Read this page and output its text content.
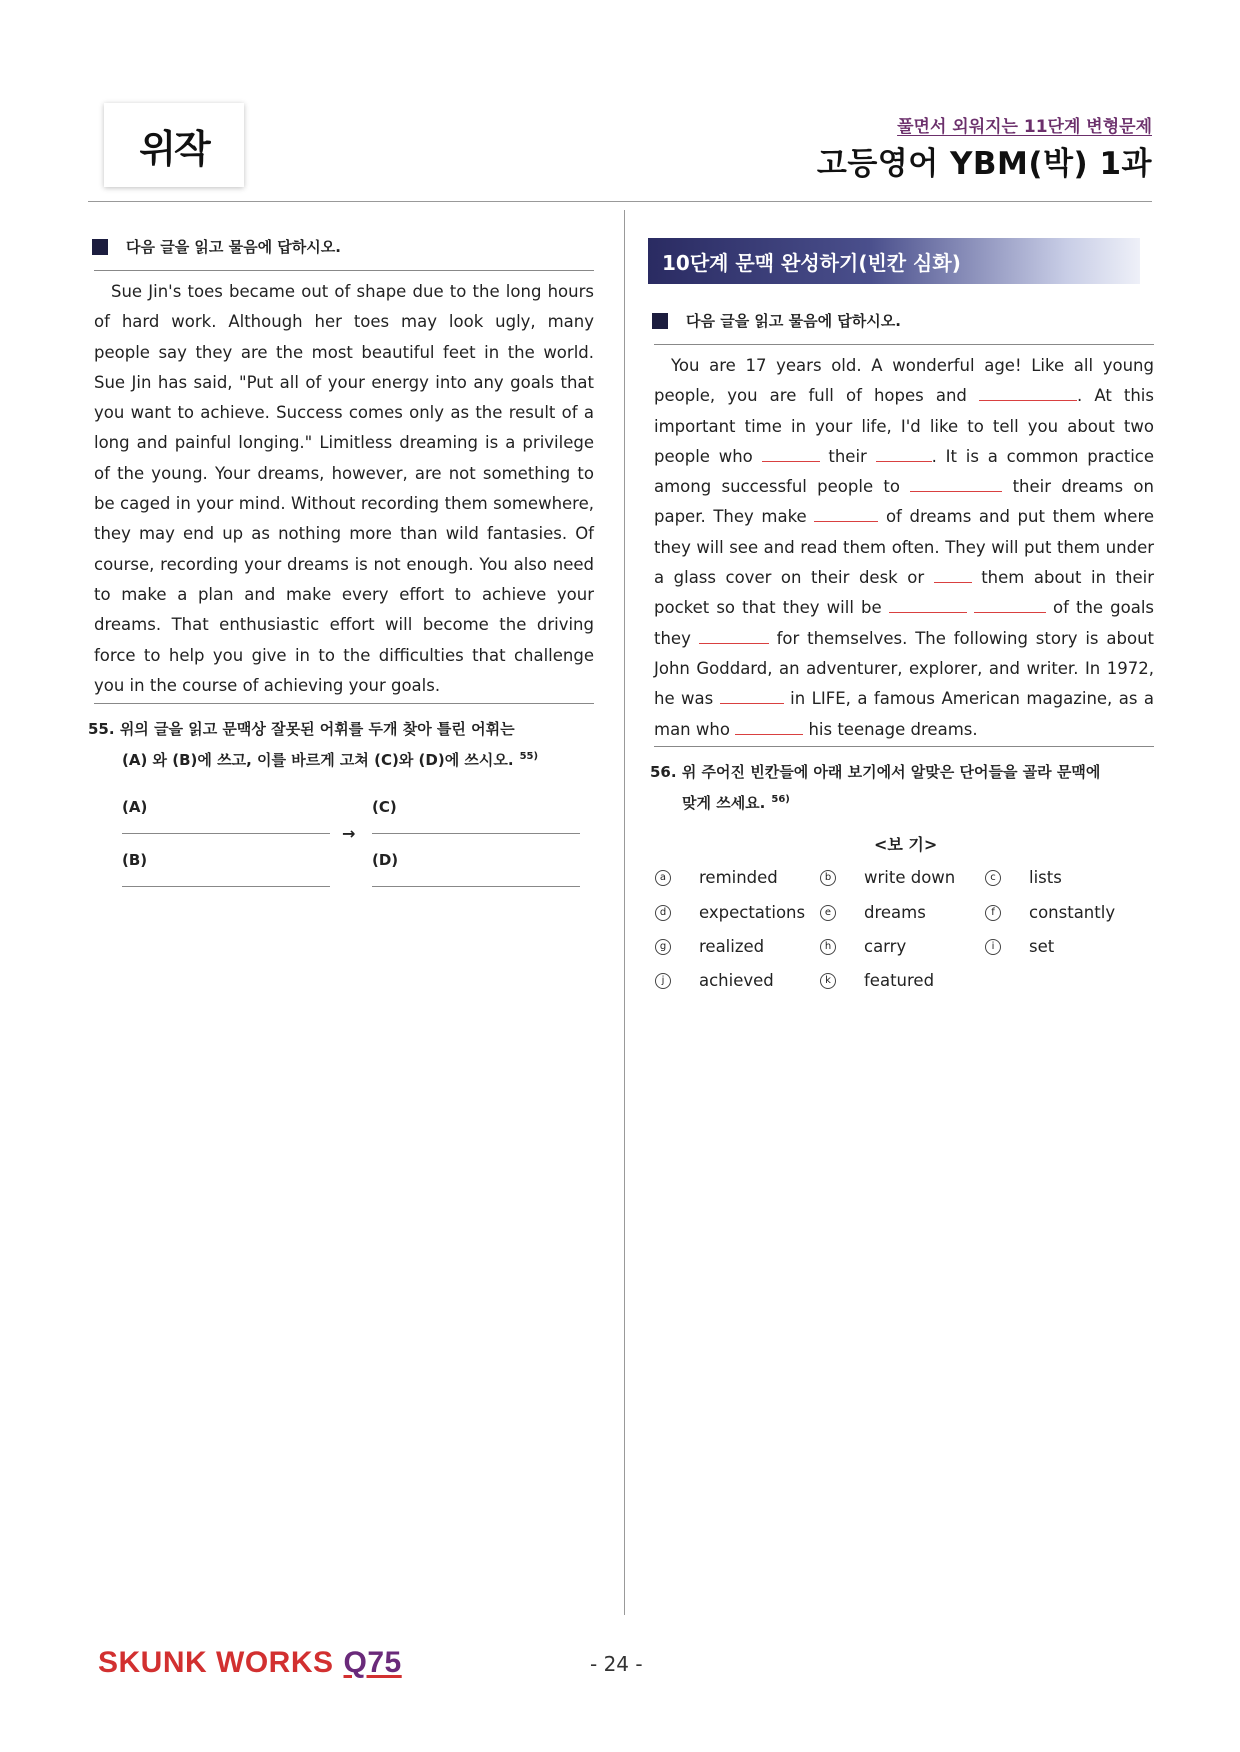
위작	풀면서 외워지는 11단계 변형문제
고등영어 YBM(박) 1과
다음 글을 읽고 물음에 답하시오.

Sue Jin's toes became out of shape due to the long hours of hard work. Although her toes may look ugly, many people say they are the most beautiful feet in the world. Sue Jin has said, "Put all of your energy into any goals that you want to achieve. Success comes only as the result of a long and painful longing." Limitless dreaming is a privilege of the young. Your dreams, however, are not something to be caged in your mind. Without recording them somewhere, they may end up as nothing more than wild fantasies. Of course, recording your dreams is not enough. You also need to make a plan and make every effort to achieve your dreams. That enthusiastic effort will become the driving force to help you give in to the difficulties that challenge you in the course of achieving your goals.

55. 위의 글을 읽고 문맥상 잘못된 어휘를 두개 찾아 틀린 어휘는
(A) 와 (B)에 쓰고, 이를 바르게 고쳐 (C)와 (D)에 쓰시오. $^{55)}$
(A)	(C)
→
(B)	(D)
10단계 문맥 완성하기(빈칸 심화)
다음 글을 읽고 물음에 답하시오.

You are 17 years old. A wonderful age! Like all young people, you are full of hopes and	. At this important time in your life, I'd like to tell you about two people who	their	. It is a common practice among successful people to	their dreams on paper. They make	of dreams and put them where they will see and read them often. They will put them under a glass cover on their desk or	them about in their pocket so that they will be	of the goals they	for themselves. The following story is about John Goddard, an adventurer, explorer, and writer. In 1972, he was	in LIFE, a famous American magazine, as a man who	his teenage dreams.

56. 위 주어진 빈칸들에 아래 보기에서 알맞은 단어들을 골라 문맥에
맞게 쓰세요. $^{56)}$
<보 기>
a reminded	b write down	c	lists
d expectations	e dreams	f	constantly
g realized	h carry	i	set
j	achieved	k	featured
SKUNK WORKS Q75	- 24 -
